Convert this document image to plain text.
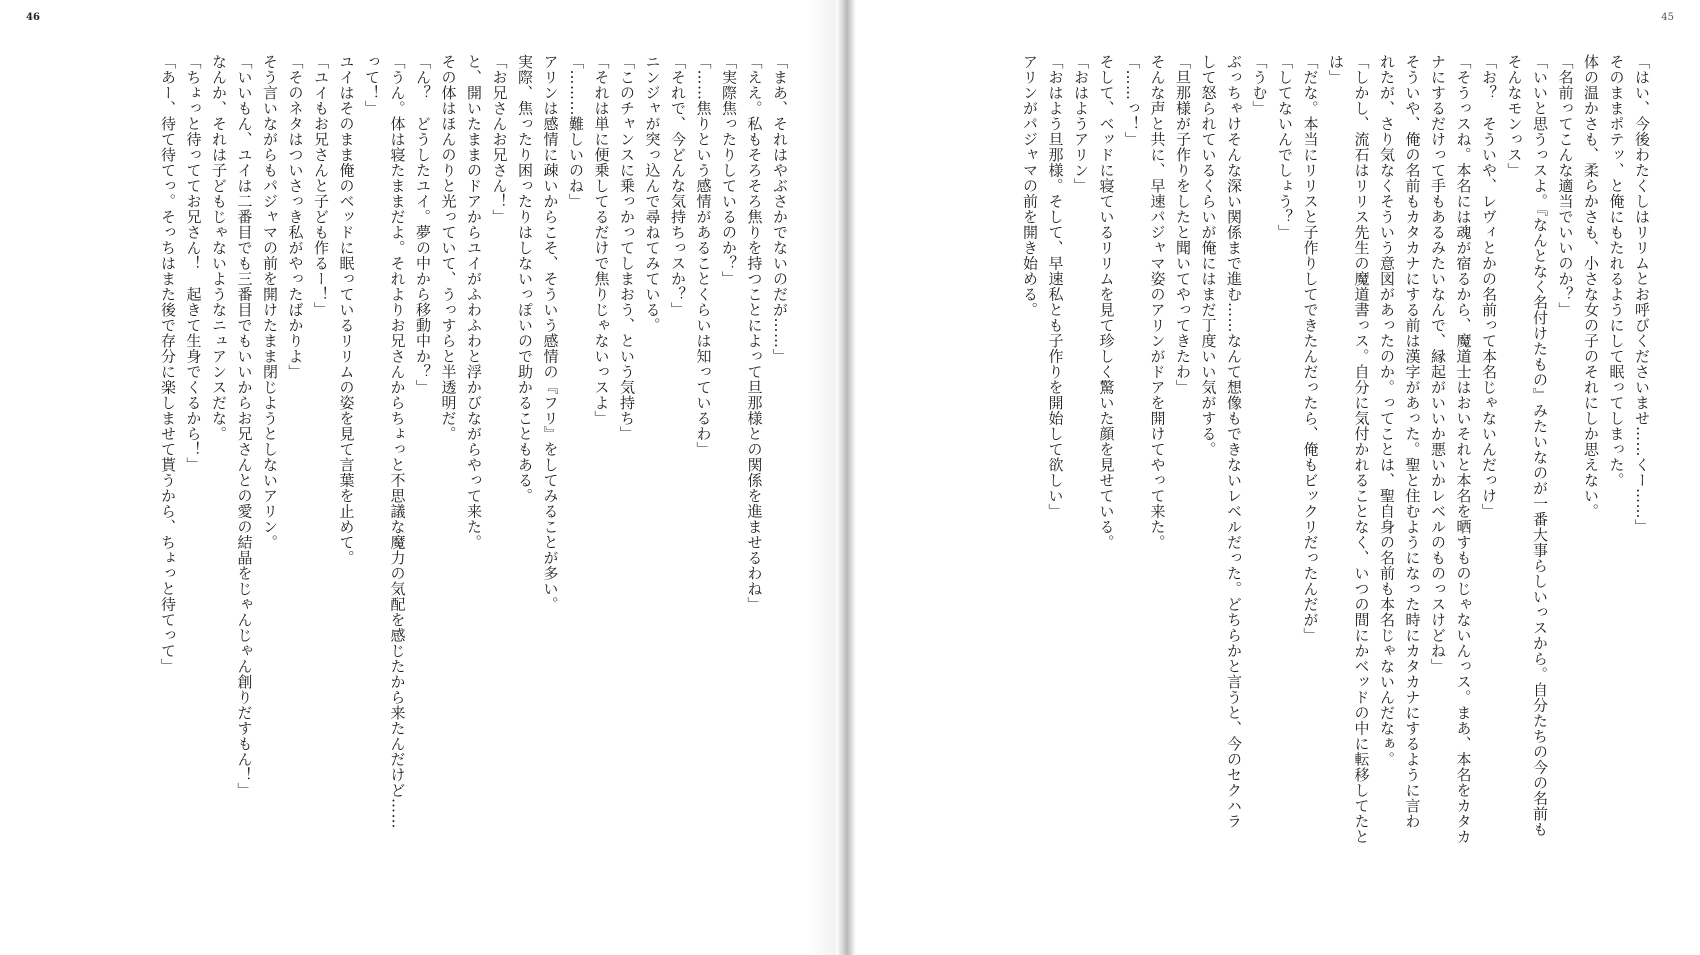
46
「まあ、それはやぶさかでないのだが……」
「ええ。私もそろそろ焦りを持つことによって旦那様との関係を進ませるわね」
「実際焦ったりしているのか？」
「……焦りという感情があることくらいは知っているわ」
「それで、今どんな気持ちっスか？」
ニンジャが突っ込んで尋ねてみている。
「このチャンスに乗っかってしまおう、という気持ち」
「それは単に便乗してるだけで焦りじゃないっスよ」
「………難しいのね」
アリンは感情に疎いからこそ、そういう感情の『フリ』をしてみることが多い。
実際、焦ったり困ったりはしないっぽいので助かることもある。
「お兄さんお兄さん！」
と、開いたままのドアからユイがふわふわと浮かびながらやって来た。
その体はほんのりと光っていて、うっすらと半透明だ。
「ん？　どうしたユイ。夢の中から移動中か？」
「うん。体は寝たままだよ。それよりお兄さんからちょっと不思議な魔力の気配を感じたから来たんだけど……
って！」
ユイはそのまま俺のベッドに眠っているリリムの姿を見て言葉を止めて。
「ユイもお兄さんと子ども作るー！」
「そのネタはついさっき私がやったばかりよ」
そう言いながらもパジャマの前を開けたまま閉じようとしないアリン。
「いいもん、ユイは二番目でも三番目でもいいからお兄さんとの愛の結晶をじゃんじゃん創りだすもん！」
なんか、それは子どもじゃないようなニュアンスだな。
「ちょっと待っててお兄さん！　起きて生身でくるから！」
「あー、待て待てっ。そっちはまた後で存分に楽しませて貰うから、ちょっと待てって」
45
「はい、今後わたくしはリリムとお呼びくださいませ……くー……」
そのままポテッ、と俺にもたれるようにして眠ってしまった。
体の温かさも、柔らかさも、小さな女の子のそれにしか思えない。
「名前ってこんな適当でいいのか？」
「いいと思うっスよ。『なんとなく名付けたもの』みたいなのが一番大事らしいっスから。自分たちの今の名前も
そんなモンっス」
「お？　そういや、レヴィとかの名前って本名じゃないんだっけ」
「そうっスね。本名には魂が宿るから、魔道士はおいそれと本名を晒すものじゃないんっス。まあ、本名をカタカ
ナにするだけって手もあるみたいなんで、縁起がいいか悪いかレベルのものっスけどね」
そういや、俺の名前もカタカナにする前は漢字があった。聖と住むようになった時にカタカナにするように言わ
れたが、さり気なくそういう意図があったのか。ってことは、聖自身の名前も本名じゃないんだなぁ。
「しかし、流石はリリス先生の魔道書っス。自分に気付かれることなく、いつの間にかベッドの中に転移してたと
は」
「だな。本当にリリスと子作りしてできたんだったら、俺もビックリだったんだが」
「してないんでしょう？」
「うむ」
ぶっちゃけそんな深い関係まで進む……なんて想像もできないレベルだった。どちらかと言うと、今のセクハラ
して怒られているくらいが俺にはまだ丁度いい気がする。
「旦那様が子作りをしたと聞いてやってきたわ」
そんな声と共に、早速パジャマ姿のアリンがドアを開けてやって来た。
「……っ！」
そして、ベッドに寝ているリリムを見て珍しく驚いた顔を見せている。
「おはようアリン」
「おはよう旦那様。そして、早速私とも子作りを開始して欲しい」
アリンがパジャマの前を開き始める。
